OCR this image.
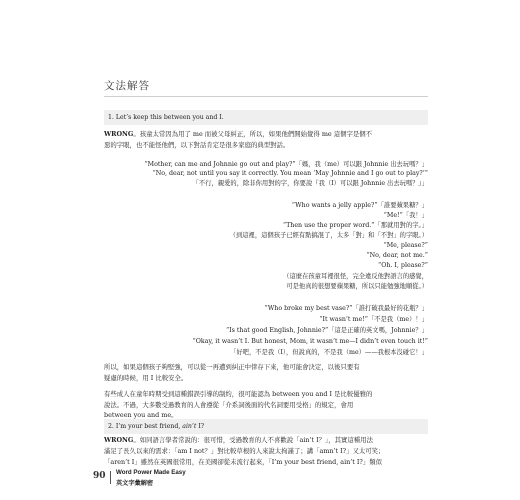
文法解答
1. Let’s keep this between you and I.
WRONG。孩童太常因為用了 me 而被父母糾正，所以，如果他們開始覺得 me 這個字是個不
惡的字眼，也不能怪他們，以下對話肯定是很多家庭的典型對話。
“Mother, can me and Johnnie go out and play?”「媽，我（me）可以跟 Johnnie 出去玩嗎？」
“No, dear, not until you say it correctly. You mean ‘May Johnnie and I go out to play?’”
「不行，親愛的，除非你用對的字，你要說『我（I）可以跟 Johnnie 出去玩嗎？』」
“Who wants a jelly apple?”「誰要蘋果糖？」
“Me!”「我！」
“Then use the proper word.”「那就用對的字。」
（到這裡，這個孩子已經有點搞混了，太多「對」和「不對」的字眼。）
“Me, please?”
“No, dear, not me.”
“Oh. I, please?”
（這麼在孩童耳裡很怪，完全違反他對語言的感覺，
可是他真的很想要蘋果糖，所以只能勉強地順從。）
“Who broke my best vase?”「誰打破我最好的花瓶？」
“It wasn’t me!”「不是我（me）！」
“Is that good English, Johnnie?”「這是正確的英文嗎，Johnnie？」
“Okay, it wasn’t I. But honest, Mom, it wasn’t me—I didn’t even touch it!”
「好吧，不是我（I），但說真的，不是我（me）——我根本沒碰它！」
所以，如果這個孩子夠堅強，可以從一再遭到糾正中倖存下來，他可能會決定，以後只要有
疑慮的時候，用 I 比較安全。
有些成人在童年時期受到這種錯誤引導的制約，很可能認為 between you and I 是比較優雅的
說法。不過，大多數受過教育的人會遵從「介系詞後面的代名詞要用受格」的規定，會用
between you and me。
2. I’m your best friend, ain’t I?
WRONG。如同語言學者常說的：很可惜，受過教育的人不喜歡說「ain’t I？」，其實這種用法
滿足了長久以來的需求：「am I not？」對比較草根的人來說太拘謹了；講「amn’t I?」又太可笑；
「aren’t I」雖然在英國很常用，在美國卻從未流行起來，「I’m your best friend, ain’t I?」類似
90 Word Power Made Easy
英文字彙解密
